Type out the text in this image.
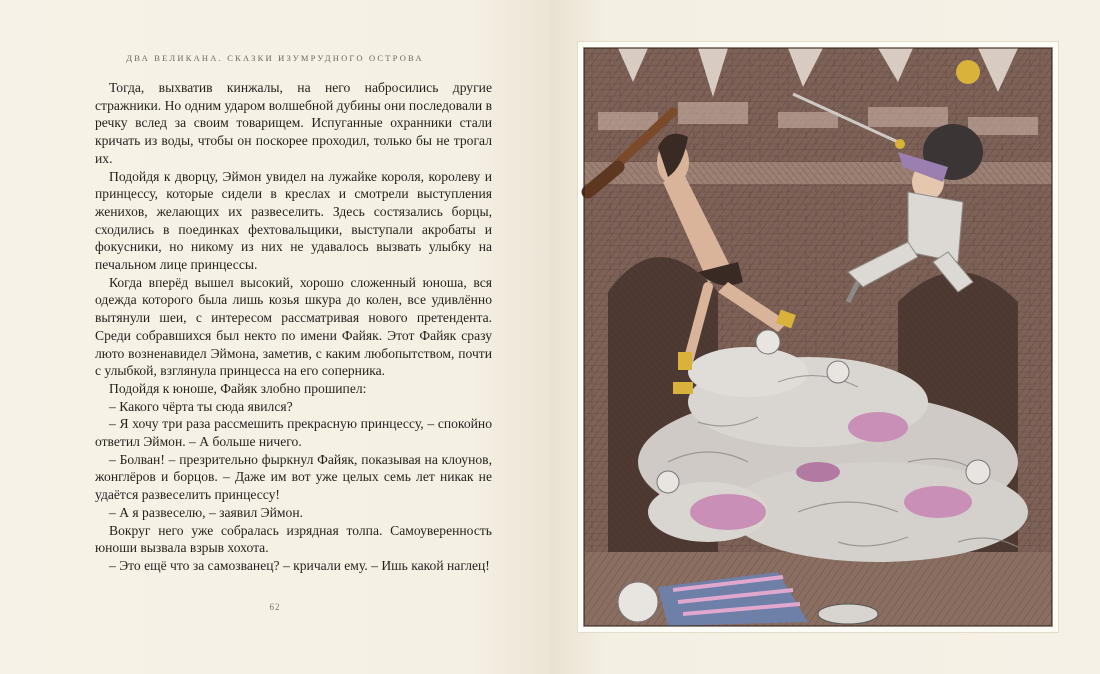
ДВА ВЕЛИКАНА. СКАЗКИ ИЗУМРУДНОГО ОСТРОВА

Тогда, выхватив кинжалы, на него набросились другие стражники. Но одним ударом волшебной дубины они последовали в речку вслед за своим товарищем. Испуганные охранники стали кричать из воды, чтобы он поскорее проходил, только бы не трогал их.

Подойдя к дворцу, Эймон увидел на лужайке короля, королеву и принцессу, которые сидели в креслах и смотрели выступления женихов, желающих их развеселить. Здесь состязались борцы, сходились в поединках фехтовальщики, выступали акробаты и фокусники, но никому из них не удавалось вызвать улыбку на печальном лице принцессы.

Когда вперёд вышел высокий, хорошо сложенный юноша, вся одежда которого была лишь козья шкура до колен, все удивлённо вытянули шеи, с интересом рассматривая нового претендента. Среди собравшихся был некто по имени Файяк. Этот Файяк сразу люто возненавидел Эймона, заметив, с каким любопытством, почти с улыбкой, взглянула принцесса на его соперника.

Подойдя к юноше, Файяк злобно прошипел:

– Какого чёрта ты сюда явился?

– Я хочу три раза рассмешить прекрасную принцессу, – спокойно ответил Эймон. – А больше ничего.

– Болван! – презрительно фыркнул Файяк, показывая на клоунов, жонглёров и борцов. – Даже им вот уже целых семь лет никак не удаётся развеселить принцессу!

– А я развеселю, – заявил Эймон.

Вокруг него уже собралась изрядная толпа. Самоуверенность юноши вызвала взрыв хохота.

– Это ещё что за самозванец? – кричали ему. – Ишь какой наглец!

62
